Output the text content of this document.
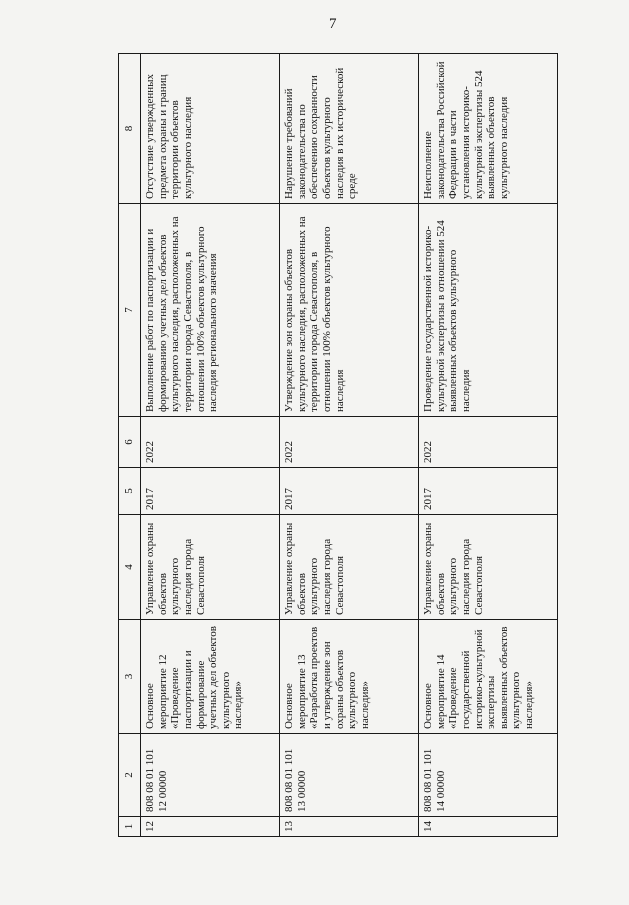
7
1	2	3	4	5	6	7	8
12	808 08 01 101 12 00000	Основное мероприятие 12 «Проведение паспортизации и формирование учетных дел объектов культурного наследия»	Управление охраны объектов культурного наследия города Севастополя	2017	2022	Выполнение работ по паспортизации и формированию учетных дел объектов культурного наследия, расположенных на территории города Севастополя, в отношении 100% объектов культурного наследия регионального значения	Отсутствие утвержденных предмета охраны и границ территории объектов культурного наследия
13	808 08 01 101 13 00000	Основное мероприятие 13 «Разработка проектов и утверждение зон охраны объектов культурного наследия»	Управление охраны объектов культурного наследия города Севастополя	2017	2022	Утверждение зон охраны объектов культурного наследия, расположенных на территории города Севастополя, в отношении 100% объектов культурного наследия	Нарушение требований законодательства по обеспечению сохранности объектов культурного наследия в их исторической среде
14	808 08 01 101 14 00000	Основное мероприятие 14 «Проведение государственной историко-культурной экспертизы выявленных объектов культурного наследия»	Управление охраны объектов культурного наследия города Севастополя	2017	2022	Проведение государственной историко-культурной экспертизы в отношении 524 выявленных объектов культурного наследия	Неисполнение законодательства Российской Федерации в части установления историко-культурной экспертизы 524 выявленных объектов культурного наследия
